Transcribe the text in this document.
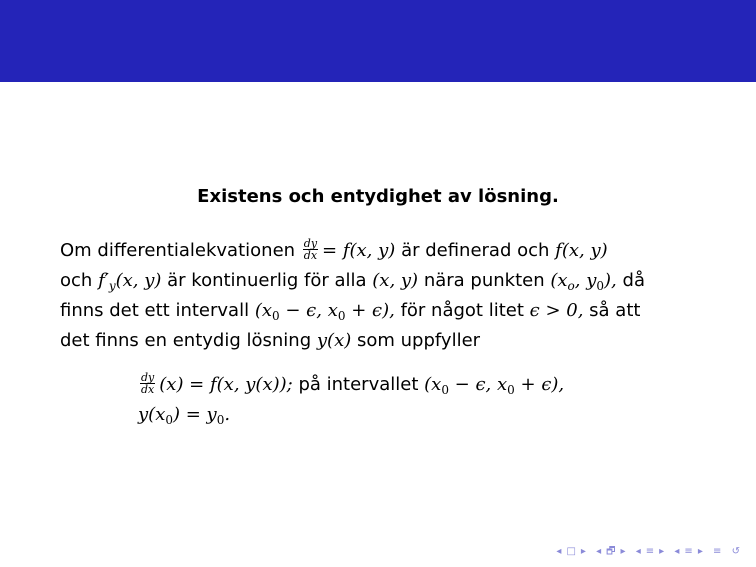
Existens och entydighet av lösning.
Om differentialekvationen $\frac{dy}{dx} = f(x$, y) är definerad och f(x, y)
och $f'_y(x$, y) är kontinuerlig för alla (x, y) nära punkten ($x_o$, $y_0$), då
finns det ett intervall ($x_0 - \epsilon$, $x_0 + \epsilon$), för något litet ϵ > 0, så att
det finns en entydig lösning y(x) som uppfyller
$\frac{dy}{dx} (x) = f(x$, y(x)); på intervallet ($x_0 - \epsilon$, $x_0 + \epsilon$),
$y(x_0) = y_0$.
◂ □ ▸ ◂ 🗗 ▸ ◂ ≡ ▸ ◂ ≡ ▸ ≡ ↺
